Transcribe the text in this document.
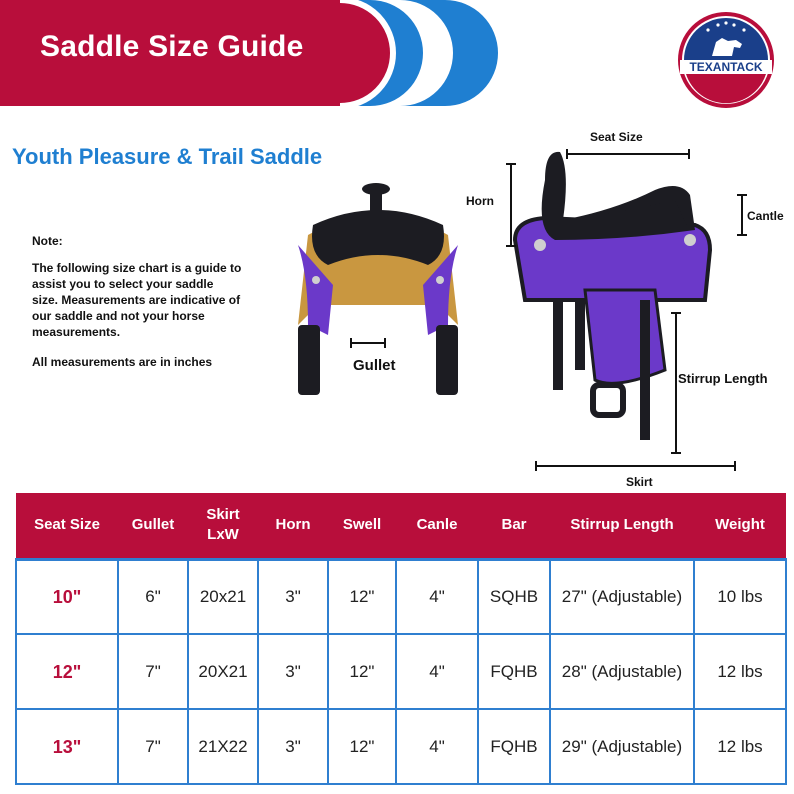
Saddle Size Guide
TEXANTACK
Youth Pleasure & Trail Saddle

Note:

The following size chart is a guide to assist you to select your saddle size. Measurements are indicative of our saddle and not your horse measurements.

All measurements are in inches	Gullet
Seat Size
Horn
Cantle
Stirrup Length
Skirt
Seat Size	Gullet	Skirt LxW	Horn	Swell	Canle	Bar	Stirrup Length	Weight
10"	6"	20x21	3"	12"	4"	SQHB	27" (Adjustable)	10 lbs
12"	7"	20X21	3"	12"	4"	FQHB	28" (Adjustable)	12 lbs
13"	7"	21X22	3"	12"	4"	FQHB	29" (Adjustable)	12 lbs
